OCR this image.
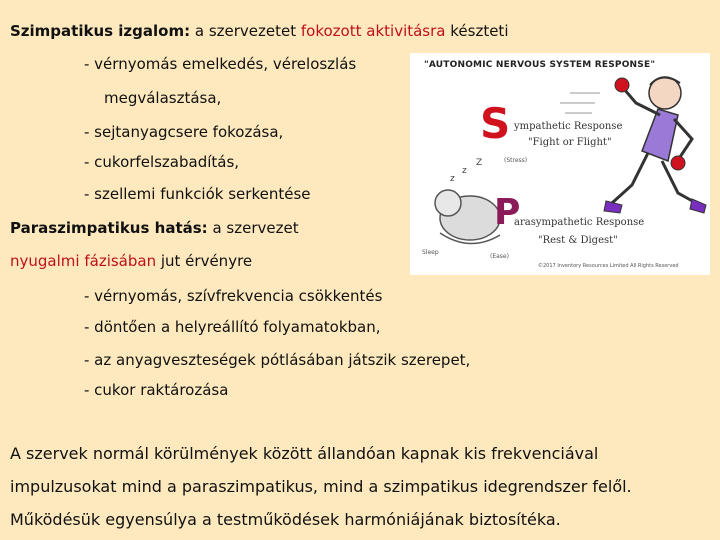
Szimpatikus izgalom: a szervezetet fokozott aktivitásra készteti
- vérnyomás emelkedés, véreloszlás
megválasztása,
- sejtanyagcsere fokozása,
- cukorfelszabadítás,
- szellemi funkciók serkentése
Paraszimpatikus hatás: a szervezet
nyugalmi fázisában jut érvényre
- vérnyomás, szívfrekvencia csökkentés
- döntően a helyreállító folyamatokban,
- az anyagveszteségek pótlásában játszik szerepet,
- cukor raktározása
A szervek normál körülmények között állandóan kapnak kis frekvenciával
impulzusokat mind a paraszimpatikus, mind a szimpatikus idegrendszer felől.
Működésük egyensúlya a testműködések harmóniájának biztosítéka.
"AUTONOMIC NERVOUS SYSTEM RESPONSE"
z
z
Z
S ympathetic Response
"Fight or Flight"
(Stress)
P
arasympathetic Response
"Rest & Digest"
(Ease)
Sleep
©2017 Inventory Resources Limited All Rights Reserved
